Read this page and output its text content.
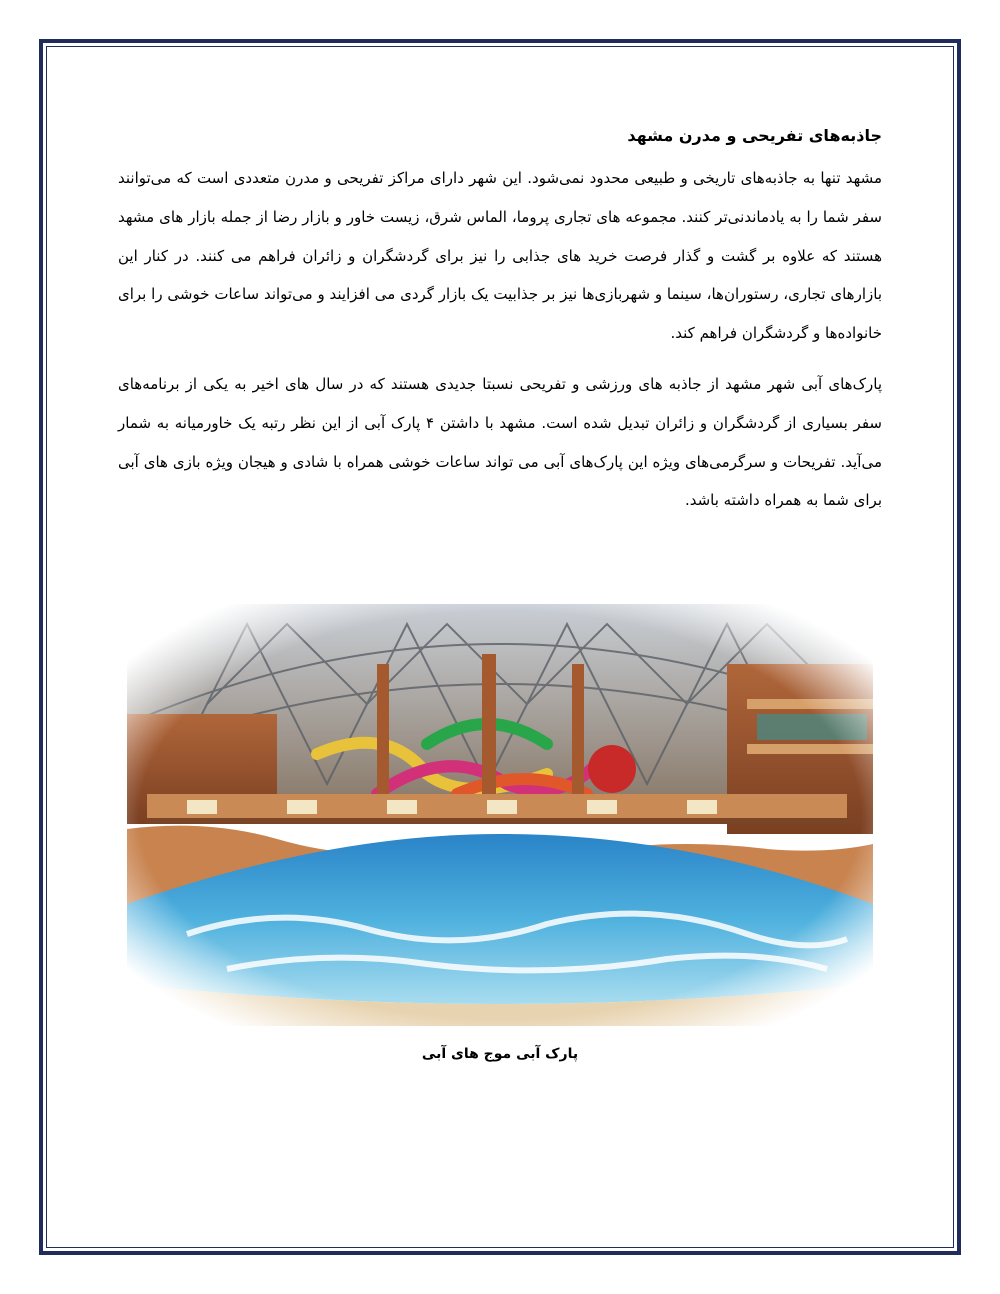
جاذبه‌های تفریحی و مدرن مشهد

مشهد تنها به جاذبه‌های تاریخی و طبیعی محدود نمی‌شود. این شهر دارای مراکز تفریحی و مدرن متعددی است که می‌توانند سفر شما را به یادماندنی‌تر کنند. مجموعه های تجاری پروما، الماس شرق، زیست خاور و بازار رضا از جمله بازار های مشهد هستند که علاوه بر گشت و گذار فرصت خرید های جذابی را نیز برای گردشگران و زائران فراهم می کنند. در کنار این بازارهای تجاری، رستوران‌ها، سینما و شهربازی‌ها نیز بر جذابیت یک بازار گردی می افزایند و می‌تواند ساعات خوشی را برای خانواده‌ها و گردشگران فراهم کند.

پارک‌های آبی شهر مشهد از جاذبه های ورزشی و تفریحی نسبتا جدیدی هستند که در سال های اخیر به یکی از برنامه‌های سفر بسیاری از گردشگران و زائران تبدیل شده است. مشهد با داشتن ۴ پارک آبی از این نظر رتبه یک خاورمیانه به شمار می‌آید. تفریحات و سرگرمی‌های ویژه این پارک‌های آبی می تواند ساعات خوشی همراه با شادی و هیجان ویژه بازی های آبی برای شما به همراه داشته باشد.

پارک آبی موج های آبی
